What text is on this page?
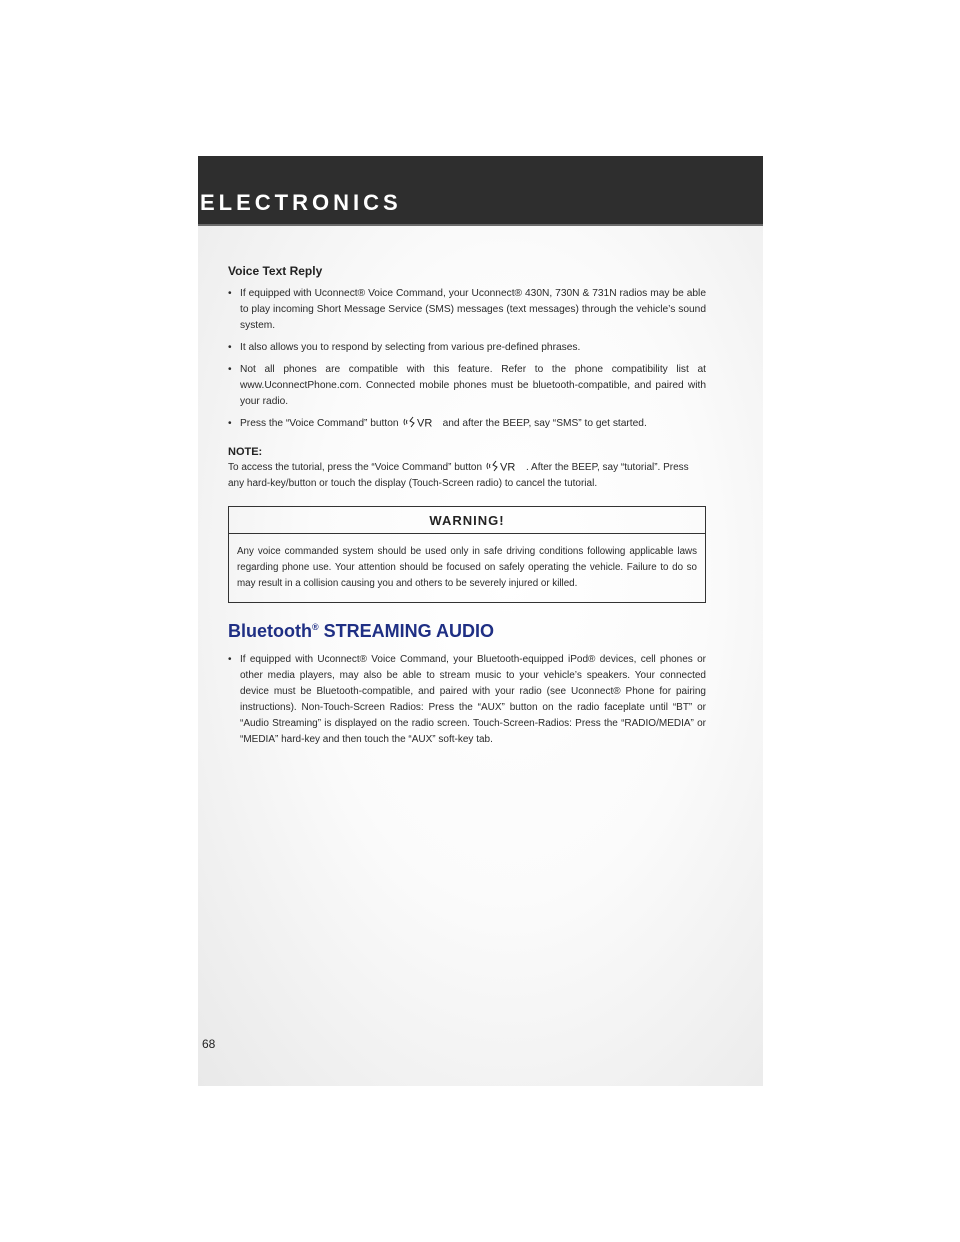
ELECTRONICS
Voice Text Reply
• If equipped with Uconnect® Voice Command, your Uconnect® 430N, 730N & 731N radios may be able to play incoming Short Message Service (SMS) messages (text messages) through the vehicle’s sound system.
• It also allows you to respond by selecting from various pre-defined phrases.
• Not all phones are compatible with this feature. Refer to the phone compatibility list at www.UconnectPhone.com. Connected mobile phones must be bluetooth-compatible, and paired with your radio.
• Press the “Voice Command” button VR and after the BEEP, say “SMS” to get started.
NOTE:

To access the tutorial, press the “Voice Command” button VR . After the BEEP, say “tutorial”. Press any hard-key/button or touch the display (Touch-Screen radio) to cancel the tutorial.

WARNING!
Any voice commanded system should be used only in safe driving conditions following applicable laws regarding phone use. Your attention should be focused on safely operating the vehicle. Failure to do so may result in a collision causing you and others to be severely injured or killed.
Bluetooth® STREAMING AUDIO
• If equipped with Uconnect® Voice Command, your Bluetooth-equipped iPod® devices, cell phones or other media players, may also be able to stream music to your vehicle’s speakers. Your connected device must be Bluetooth-compatible, and paired with your radio (see Uconnect® Phone for pairing instructions). Non-Touch-Screen Radios: Press the “AUX” button on the radio faceplate until “BT” or “Audio Streaming” is displayed on the radio screen. Touch-Screen-Radios: Press the “RADIO/MEDIA” or “MEDIA” hard-key and then touch the “AUX” soft-key tab.
68
